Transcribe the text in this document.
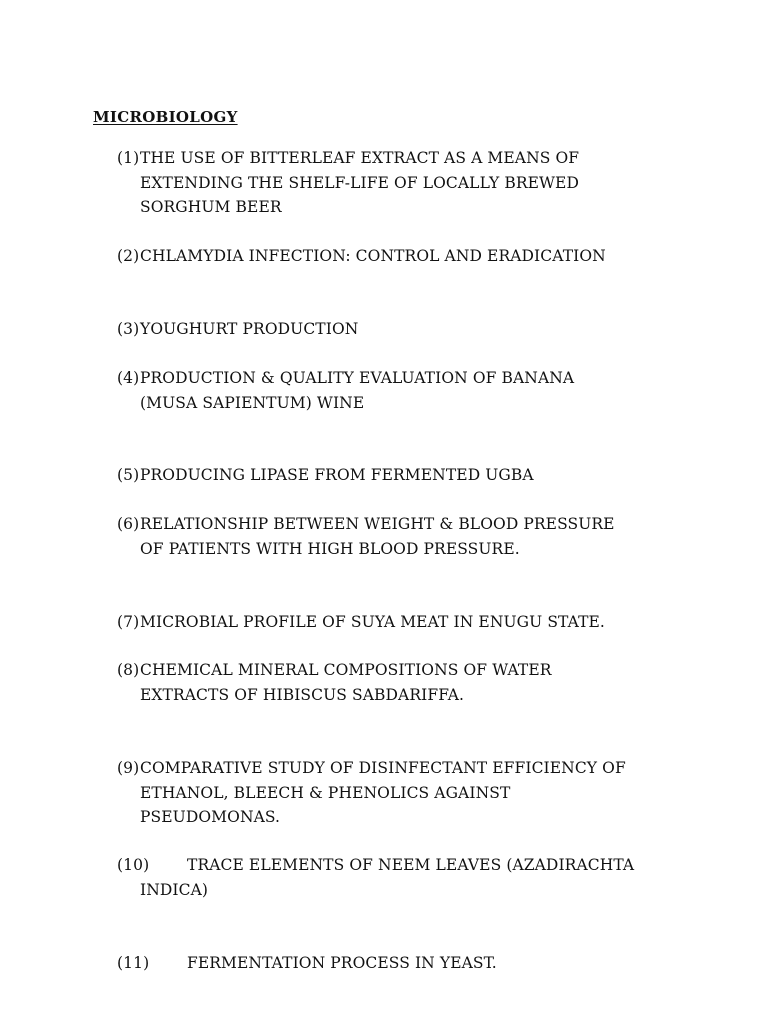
MICROBIOLOGY
(1)THE USE OF BITTERLEAF EXTRACT AS A MEANS OF
EXTENDING THE SHELF-LIFE OF LOCALLY BREWED
SORGHUM BEER
(2)CHLAMYDIA INFECTION: CONTROL AND ERADICATION
(3)YOUGHURT PRODUCTION
(4)PRODUCTION & QUALITY EVALUATION OF BANANA
(MUSA SAPIENTUM) WINE
(5)PRODUCING LIPASE FROM FERMENTED UGBA
(6)RELATIONSHIP BETWEEN WEIGHT & BLOOD PRESSURE
OF PATIENTS WITH HIGH BLOOD PRESSURE.
(7)MICROBIAL PROFILE OF SUYA MEAT IN ENUGU STATE.
(8)CHEMICAL MINERAL COMPOSITIONS OF WATER
EXTRACTS OF HIBISCUS SABDARIFFA.
(9)COMPARATIVE STUDY OF DISINFECTANT EFFICIENCY OF
ETHANOL, BLEECH & PHENOLICS AGAINST
PSEUDOMONAS.
(10) TRACE ELEMENTS OF NEEM LEAVES (AZADIRACHTA
INDICA)
(11) FERMENTATION PROCESS IN YEAST.
